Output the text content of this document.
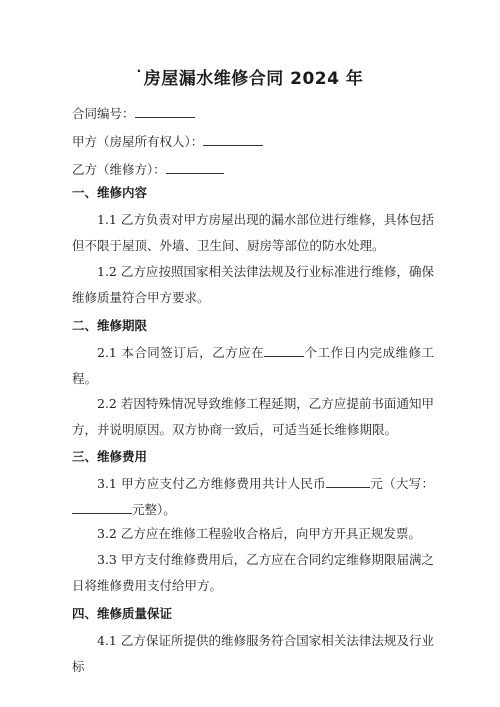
· 房屋漏水维修合同 2024 年
合同编号：
甲方（房屋所有权人）：
乙方（维修方）：
一、维修内容
1.1 乙方负责对甲方房屋出现的漏水部位进行维修，具体包括但不限于屋顶、外墙、卫生间、厨房等部位的防水处理。
1.2 乙方应按照国家相关法律法规及行业标准进行维修，确保维修质量符合甲方要求。
二、维修期限
2.1 本合同签订后，乙方应在	个工作日内完成维修工程。
2.2 若因特殊情况导致维修工程延期，乙方应提前书面通知甲方，并说明原因。双方协商一致后，可适当延长维修期限。
三、维修费用
3.1 甲方应支付乙方维修费用共计人民币	元（大写：元整）。
3.2 乙方应在维修工程验收合格后，向甲方开具正规发票。
3.3 甲方支付维修费用后，乙方应在合同约定维修期限届满之日将维修费用支付给甲方。
四、维修质量保证
4.1 乙方保证所提供的维修服务符合国家相关法律法规及行业标
